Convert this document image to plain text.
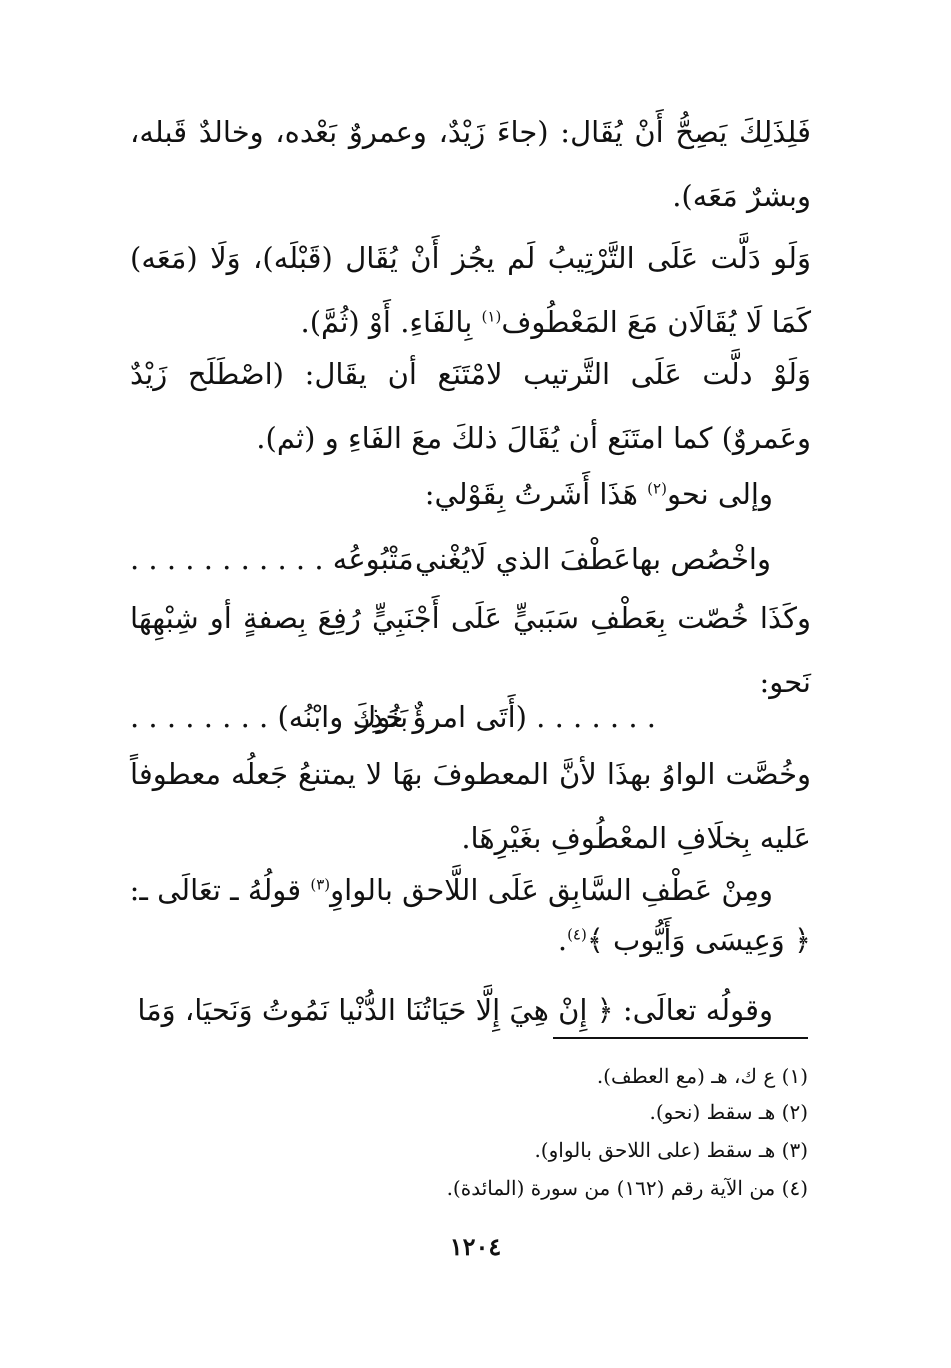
فَلِذَلِكَ يَصِحُّ أَنْ يُقَال: (جاءَ زَيْدٌ، وعمروٌ بَعْده، وخالدٌ قَبله، وبشرٌ مَعَه).
وَلَو دَلَّت عَلَى التَّرْتِيبُ لَم يجُز أَنْ يُقَال (قَبْلَه)، وَلَا (مَعَه) كَمَا لَا يُقَالَان مَعَ المَعْطُوف$^{(١)}$ بِالفَاءِ. أَوْ (ثُمَّ).
وَلَوْ دلَّت عَلَى التَّرتيب لامْتَنَع أن يقَال: (اصْطَلَح زَيْدٌ وعَمروٌ) كما امتَنَع أن يُقَالَ ذلكَ معَ الفَاءِ و (ثم).
وإلى نحو$^{(٢)}$ هَذَا أَشَرتُ بِقَوْلي:
واخْصُص بهاعَطْفَ الذي لَايُغْني
مَتْبُوعُه . . . . . . . . . . .
وكَذَا خُصّت بِعَطْفِ سَبَبيٍّ عَلَى أَجْنَبِيٍّ رُفِعَ بِصفةٍ أو شِبْهِهَا نَحو:
. . . . . . . (أَتَى امرؤٌ حَذِر
بَنُوكَ وابْنُه) . . . . . . . .
وخُصَّت الواوُ بهذَا لأنَّ المعطوفَ بهَا لا يمتنعُ جَعلُه معطوفاً عَليه بِخلَافِ المعْطُوفِ بغَيْرِهَا.
ومِنْ عَطْفِ السَّابِق عَلَى اللَّاحق بالواوِ$^{(٣)}$ قولُهُ ـ تعَالَى ـ:
﴿ وَعِيسَى وَأَيُّوب ﴾$^{(٤)}$.
وقولُه تعالَى: ﴿ إِنْ هِيَ إِلَّا حَيَاتُنَا الدُّنْيا نَمُوتُ وَنَحيَا، وَمَا
(١) ع ك، هـ (مع العطف).
(٢) هـ سقط (نحو).
(٣) هـ سقط (على اللاحق بالواو).
(٤) من الآية رقم (١٦٢) من سورة (المائدة).
١٢٠٤
